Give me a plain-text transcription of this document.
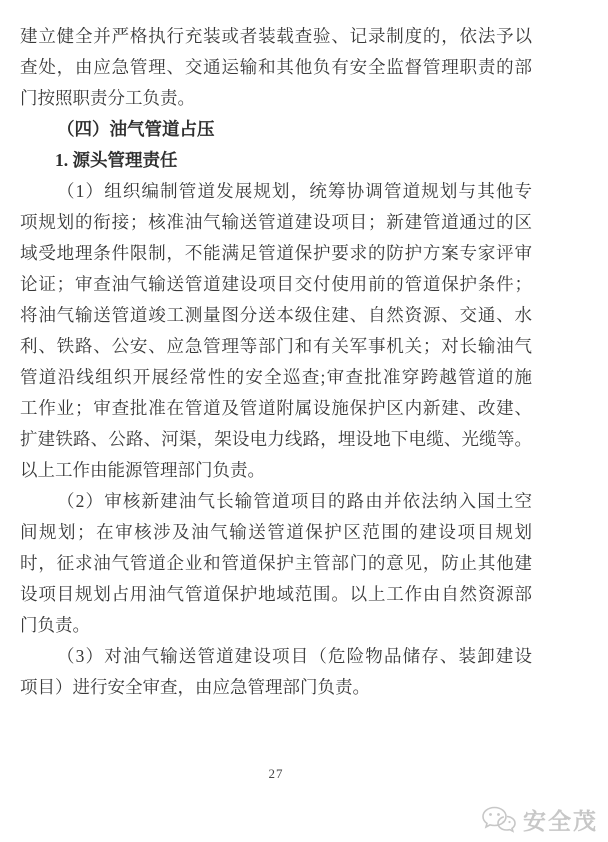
建立健全并严格执行充装或者装载查验、记录制度的，依法予以
查处，由应急管理、交通运输和其他负有安全监督管理职责的部
门按照职责分工负责。
（四）油气管道占压
1. 源头管理责任
（1）组织编制管道发展规划，统筹协调管道规划与其他专
项规划的衔接；核准油气输送管道建设项目；新建管道通过的区
域受地理条件限制，不能满足管道保护要求的防护方案专家评审
论证；审查油气输送管道建设项目交付使用前的管道保护条件；
将油气输送管道竣工测量图分送本级住建、自然资源、交通、水
利、铁路、公安、应急管理等部门和有关军事机关；对长输油气
管道沿线组织开展经常性的安全巡查;审查批准穿跨越管道的施
工作业；审查批准在管道及管道附属设施保护区内新建、改建、
扩建铁路、公路、河渠，架设电力线路，埋设地下电缆、光缆等。
以上工作由能源管理部门负责。
（2）审核新建油气长输管道项目的路由并依法纳入国土空
间规划；在审核涉及油气输送管道保护区范围的建设项目规划
时，征求油气管道企业和管道保护主管部门的意见，防止其他建
设项目规划占用油气管道保护地域范围。以上工作由自然资源部
门负责。
（3）对油气输送管道建设项目（危险物品储存、装卸建设
项目）进行安全审查，由应急管理部门负责。
27
安全茂
